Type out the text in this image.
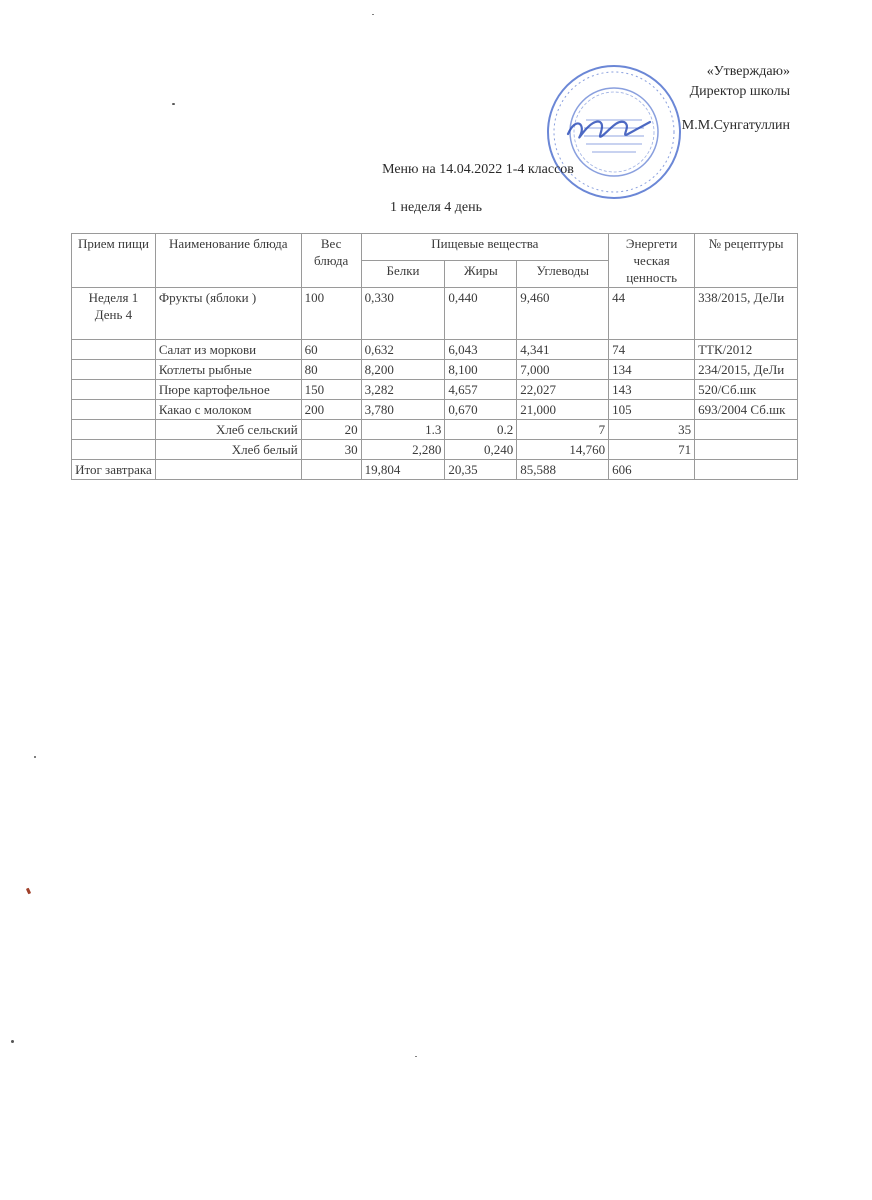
«Утверждаю»
Директор школы
М.М.Сунгатуллин
Меню на 14.04.2022 1-4 классов
1 неделя 4 день
Прием пищи	Наименование блюда	Вес блюда	Пищевые вещества			Энергети ческая ценность	№ рецептуры
			Белки	Жиры	Углеводы		
Неделя 1 День 4	Фрукты (яблоки )	100	0,330	0,440	9,460	44	338/2015, ДеЛи
	Салат из моркови	60	0,632	6,043	4,341	74	ТТК/2012
	Котлеты рыбные	80	8,200	8,100	7,000	134	234/2015, ДеЛи
	Пюре картофельное	150	3,282	4,657	22,027	143	520/Сб.шк
	Какао с молоком	200	3,780	0,670	21,000	105	693/2004 Сб.шк
	Хлеб сельский	20	1.3	0.2	7	35	
	Хлеб белый	30	2,280	0,240	14,760	71	
Итог завтрака			19,804	20,35	85,588	606	
